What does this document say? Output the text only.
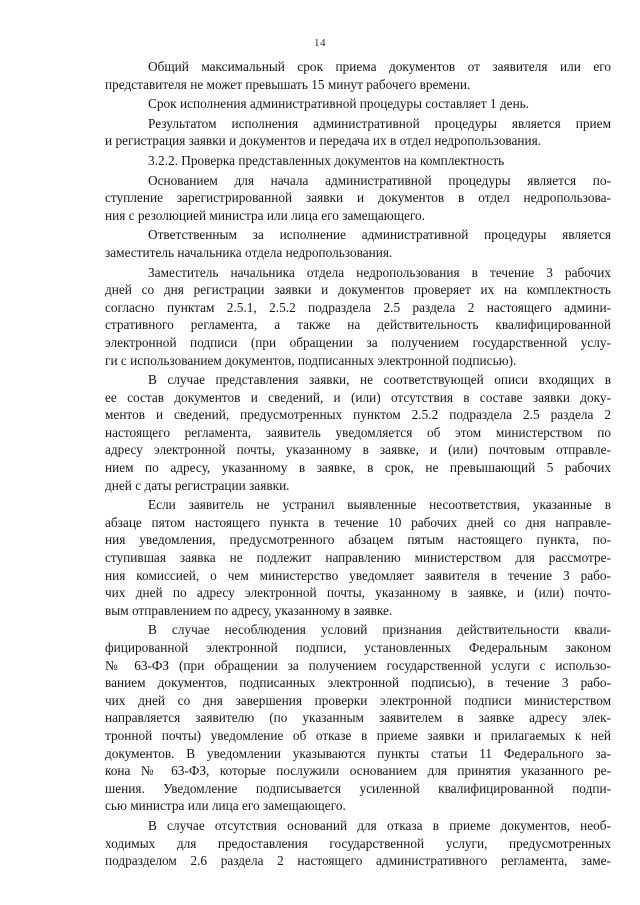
14
Общий максимальный срок приема документов от заявителя или его
представителя не может превышать 15 минут рабочего времени.
Срок исполнения административной процедуры составляет 1 день.
Результатом исполнения административной процедуры является прием
и регистрация заявки и документов и передача их в отдел недропользования.
3.2.2. Проверка представленных документов на комплектность
Основанием для начала административной процедуры является по-
ступление зарегистрированной заявки и документов в отдел недропользова-
ния с резолюцией министра или лица его замещающего.
Ответственным за исполнение административной процедуры является
заместитель начальника отдела недропользования.
Заместитель начальника отдела недропользования в течение 3 рабочих
дней со дня регистрации заявки и документов проверяет их на комплектность
согласно пунктам 2.5.1, 2.5.2 подраздела 2.5 раздела 2 настоящего админи-
стративного регламента, а также на действительность квалифицированной
электронной подписи (при обращении за получением государственной услу-
ги с использованием документов, подписанных электронной подписью).
В случае представления заявки, не соответствующей описи входящих в
ее состав документов и сведений, и (или) отсутствия в составе заявки доку-
ментов и сведений, предусмотренных пунктом 2.5.2 подраздела 2.5 раздела 2
настоящего регламента, заявитель уведомляется об этом министерством по
адресу электронной почты, указанному в заявке, и (или) почтовым отправле-
нием по адресу, указанному в заявке, в срок, не превышающий 5 рабочих
дней с даты регистрации заявки.
Если заявитель не устранил выявленные несоответствия, указанные в
абзаце пятом настоящего пункта в течение 10 рабочих дней со дня направле-
ния уведомления, предусмотренного абзацем пятым настоящего пункта, по-
ступившая заявка не подлежит направлению министерством для рассмотре-
ния комиссией, о чем министерство уведомляет заявителя в течение 3 рабо-
чих дней по адресу электронной почты, указанному в заявке, и (или) почто-
вым отправлением по адресу, указанному в заявке.
В случае несоблюдения условий признания действительности квали-
фицированной электронной подписи, установленных Федеральным законом
№ 63-ФЗ (при обращении за получением государственной услуги с использо-
ванием документов, подписанных электронной подписью), в течение 3 рабо-
чих дней со дня завершения проверки электронной подписи министерством
направляется заявителю (по указанным заявителем в заявке адресу элек-
тронной почты) уведомление об отказе в приеме заявки и прилагаемых к ней
документов. В уведомлении указываются пункты статьи 11 Федерального за-
кона № 63-ФЗ, которые послужили основанием для принятия указанного ре-
шения. Уведомление подписывается усиленной квалифицированной подпи-
сью министра или лица его замещающего.
В случае отсутствия оснований для отказа в приеме документов, необ-
ходимых для предоставления государственной услуги, предусмотренных
подразделом 2.6 раздела 2 настоящего административного регламента, заме-
